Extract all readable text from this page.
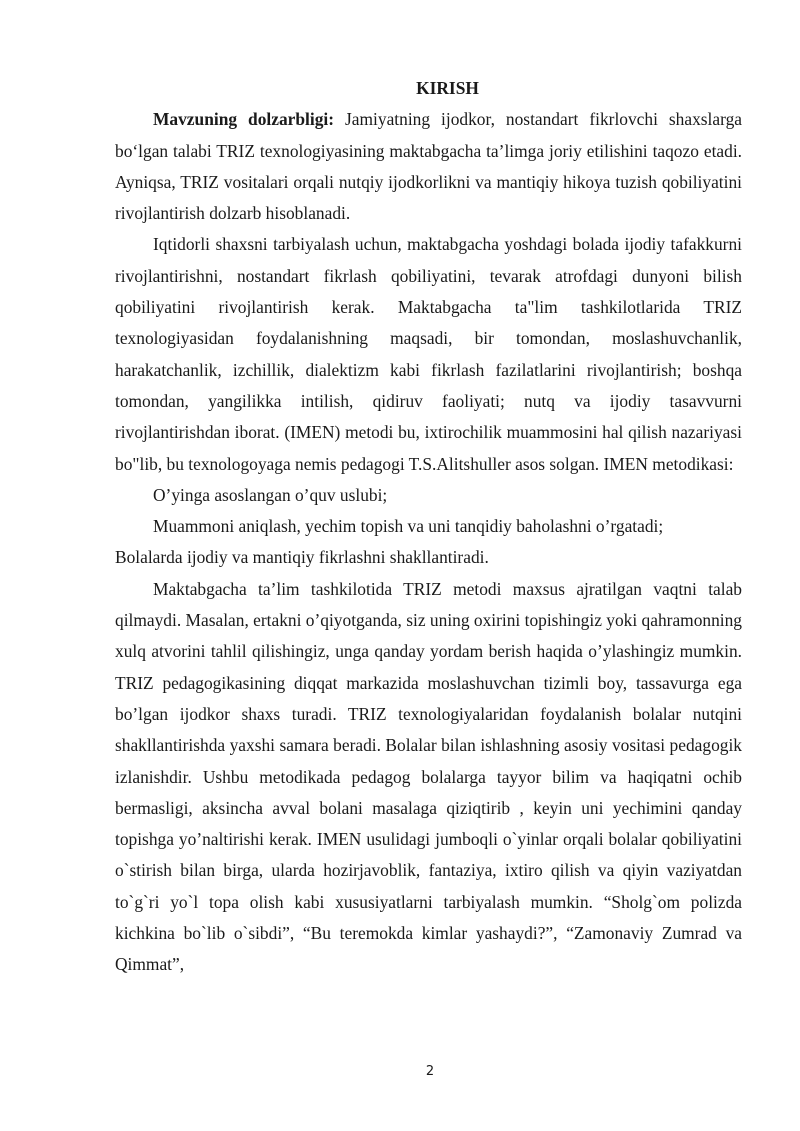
KIRISH

Mavzuning dolzarbligi: Jamiyatning ijodkor, nostandart fikrlovchi shaxslarga bo‘lgan talabi TRIZ texnologiyasining maktabgacha ta’limga joriy etilishini taqozo etadi. Ayniqsa, TRIZ vositalari orqali nutqiy ijodkorlikni va mantiqiy hikoya tuzish qobiliyatini rivojlantirish dolzarb hisoblanadi.

Iqtidorli shaxsni tarbiyalash uchun, maktabgacha yoshdagi bolada ijodiy tafakkurni rivojlantirishni, nostandart fikrlash qobiliyatini, tevarak atrofdagi dunyoni bilish qobiliyatini rivojlantirish kerak. Maktabgacha ta"lim tashkilotlarida TRIZ texnologiyasidan foydalanishning maqsadi, bir tomondan, moslashuvchanlik, harakatchanlik, izchillik, dialektizm kabi fikrlash fazilatlarini rivojlantirish; boshqa tomondan, yangilikka intilish, qidiruv faoliyati; nutq va ijodiy tasavvurni rivojlantirishdan iborat. (IMEN) metodi bu, ixtirochilik muammosini hal qilish nazariyasi bo"lib, bu texnologoyaga nemis pedagogi T.S.Alitshuller asos solgan. IMEN metodikasi:

O’yinga asoslangan o’quv uslubi;

Muammoni aniqlash, yechim topish va uni tanqidiy baholashni o’rgatadi;

Bolalarda ijodiy va mantiqiy fikrlashni shakllantiradi.

Maktabgacha ta’lim tashkilotida TRIZ metodi maxsus ajratilgan vaqtni talab qilmaydi. Masalan, ertakni o’qiyotganda, siz uning oxirini topishingiz yoki qahramonning xulq atvorini tahlil qilishingiz, unga qanday yordam berish haqida o’ylashingiz mumkin. TRIZ pedagogikasining diqqat markazida moslashuvchan tizimli boy, tassavurga ega bo’lgan ijodkor shaxs turadi. TRIZ texnologiyalaridan foydalanish bolalar nutqini shakllantirishda yaxshi samara beradi. Bolalar bilan ishlashning asosiy vositasi pedagogik izlanishdir. Ushbu metodikada pedagog bolalarga tayyor bilim va haqiqatni ochib bermasligi, aksincha avval bolani masalaga qiziqtirib , keyin uni yechimini qanday topishga yo’naltirishi kerak. IMEN usulidagi jumboqli o`yinlar orqali bolalar qobiliyatini o`stirish bilan birga, ularda hozirjavoblik, fantaziya, ixtiro qilish va qiyin vaziyatdan to`g`ri yo`l topa olish kabi xususiyatlarni tarbiyalash mumkin. “Sholg`om polizda kichkina bo`lib o`sibdi”, “Bu teremokda kimlar yashaydi?”, “Zamonaviy Zumrad va Qimmat”,

2
